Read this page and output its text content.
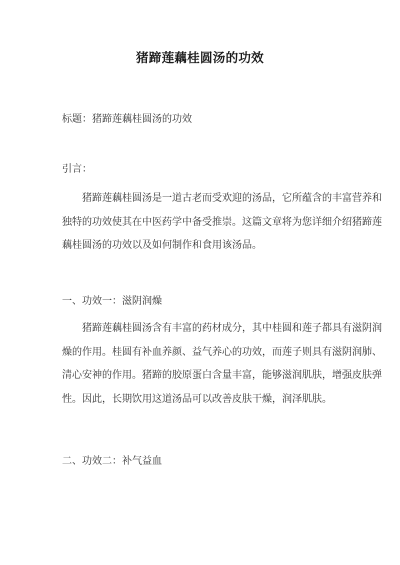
猪蹄莲藕桂圆汤的功效
标题：猪蹄莲藕桂圆汤的功效
引言：
　　猪蹄莲藕桂圆汤是一道古老而受欢迎的汤品，它所蕴含的丰富营养和
独特的功效使其在中医药学中备受推崇。这篇文章将为您详细介绍猪蹄莲
藕桂圆汤的功效以及如何制作和食用该汤品。
一、功效一：滋阴润燥
　　猪蹄莲藕桂圆汤含有丰富的药材成分，其中桂圆和莲子都具有滋阴润
燥的作用。桂圆有补血养颜、益气养心的功效，而莲子则具有滋阴润肺、
清心安神的作用。猪蹄的胶原蛋白含量丰富，能够滋润肌肤，增强皮肤弹
性。因此，长期饮用这道汤品可以改善皮肤干燥，润泽肌肤。
二、功效二：补气益血
